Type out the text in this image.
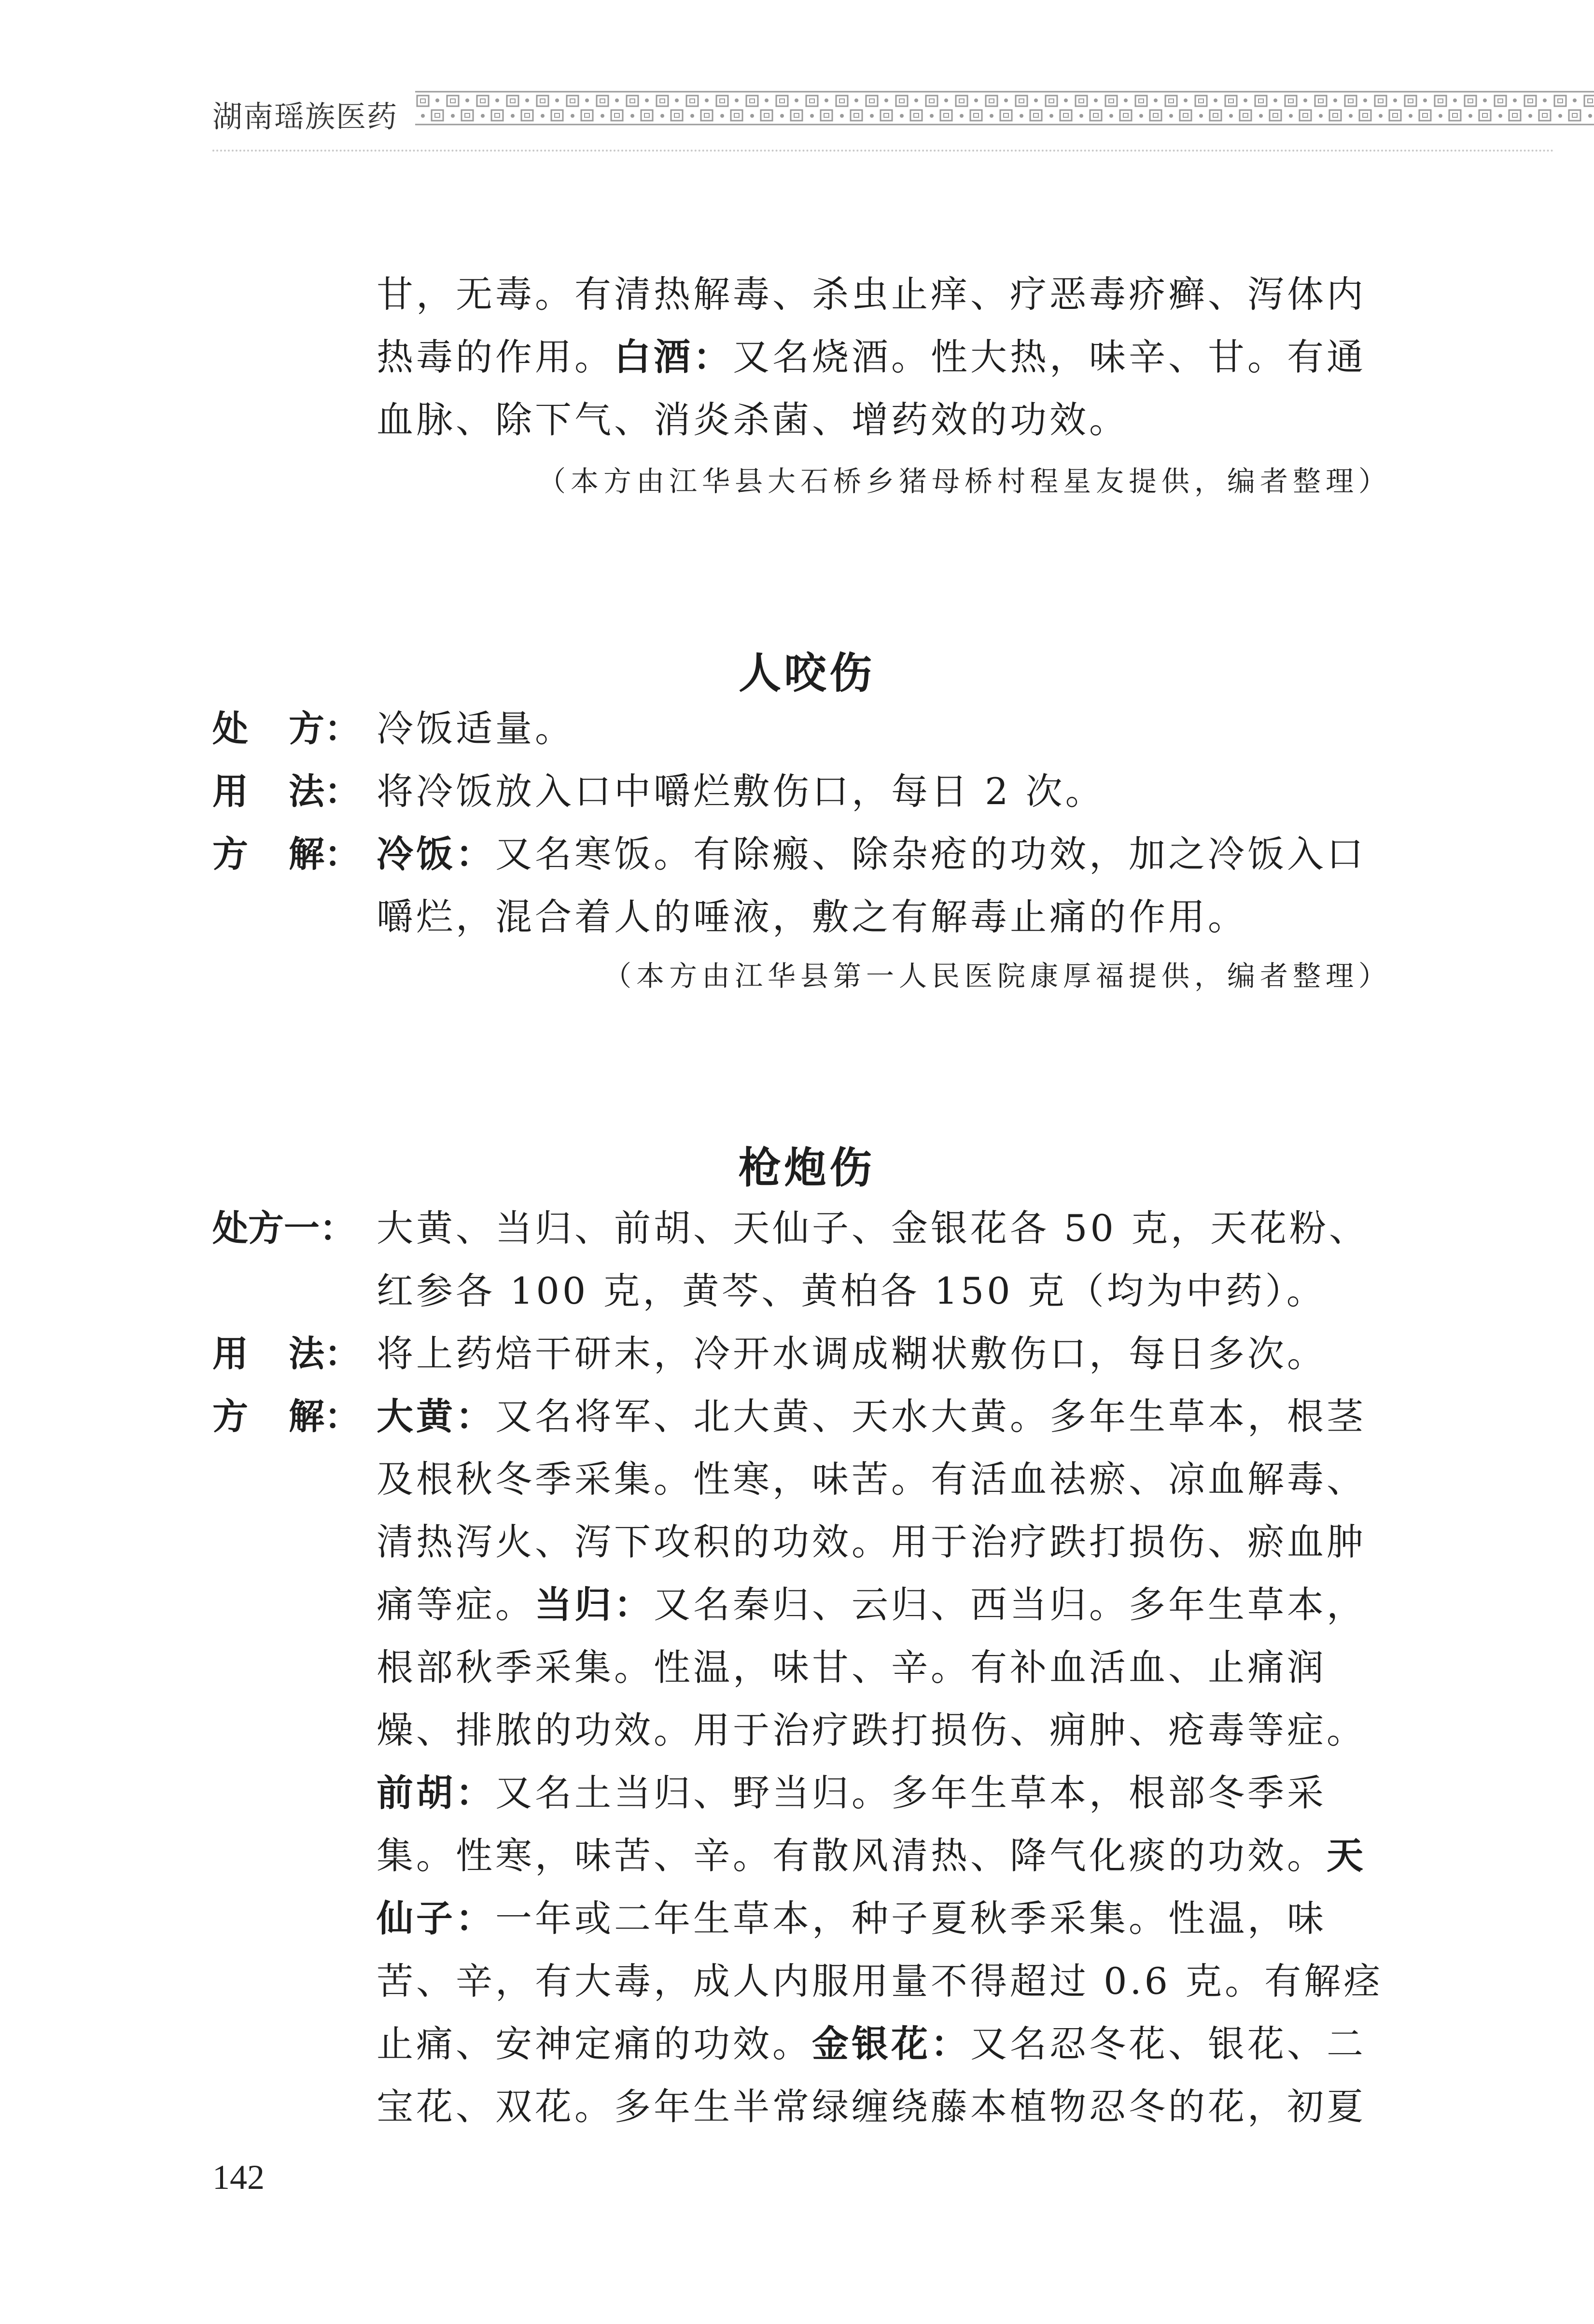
湖南瑶族医药
甘，无毒。有清热解毒、杀虫止痒、疗恶毒疥癣、泻体内
热毒的作用。白酒：又名烧酒。性大热，味辛、甘。有通
血脉、除下气、消炎杀菌、增药效的功效。
（本方由江华县大石桥乡猪母桥村程星友提供，编者整理）
人咬伤
处 方： 冷饭适量。
用 法： 将冷饭放入口中嚼烂敷伤口，每日 2 次。
方 解： 冷饭：又名寒饭。有除瘢、除杂疮的功效，加之冷饭入口
嚼烂，混合着人的唾液，敷之有解毒止痛的作用。
（本方由江华县第一人民医院康厚福提供，编者整理）
枪炮伤
处方一： 大黄、当归、前胡、天仙子、金银花各 50 克，天花粉、
红参各 100 克，黄芩、黄柏各 150 克（均为中药）。
用 法： 将上药焙干研末，冷开水调成糊状敷伤口，每日多次。
方 解： 大黄：又名将军、北大黄、天水大黄。多年生草本，根茎
及根秋冬季采集。性寒，味苦。有活血祛瘀、凉血解毒、
清热泻火、泻下攻积的功效。用于治疗跌打损伤、瘀血肿
痛等症。当归：又名秦归、云归、西当归。多年生草本，
根部秋季采集。性温，味甘、辛。有补血活血、止痛润
燥、排脓的功效。用于治疗跌打损伤、痈肿、疮毒等症。
前胡：又名土当归、野当归。多年生草本，根部冬季采
集。性寒，味苦、辛。有散风清热、降气化痰的功效。天
仙子：一年或二年生草本，种子夏秋季采集。性温，味
苦、辛，有大毒，成人内服用量不得超过 0.6 克。有解痉
止痛、安神定痛的功效。金银花：又名忍冬花、银花、二
宝花、双花。多年生半常绿缠绕藤本植物忍冬的花，初夏
142
